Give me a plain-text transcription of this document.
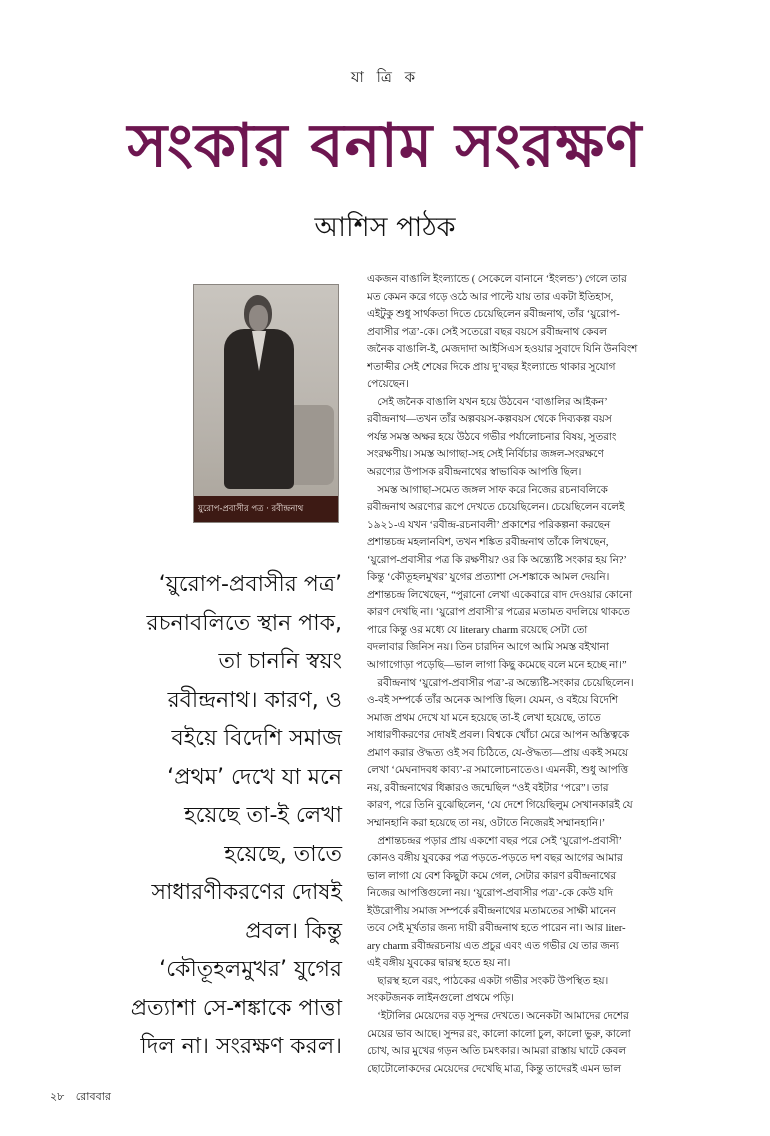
যা ত্রি ক
সংকার বনাম সংরক্ষণ
আশিস পাঠক
য়ুরোপ-প্রবাসীর পত্র · রবীন্দ্রনাথ
‘য়ুরোপ-প্রবাসীর পত্র’
রচনাবলিতে স্থান পাক,
তা চাননি স্বয়ং
রবীন্দ্রনাথ। কারণ, ও
বইয়ে বিদেশি সমাজ
‘প্রথম’ দেখে যা মনে
হয়েছে তা-ই লেখা
হয়েছে, তাতে
সাধারণীকরণের দোষই
প্রবল। কিন্তু
‘কৌতূহলমুখর’ যুগের
প্রত্যাশা সে-শঙ্কাকে পাত্তা
দিল না। সংরক্ষণ করল।
একজন বাঙালি ইংল্যান্ডে ( সেকেলে বানানে ‘ইংলন্ড’) গেলে তার
মত কেমন করে গড়ে ওঠে আর পাল্টে যায় তার একটা ইতিহাস,
এইটুকু শুধু সার্থকতা দিতে চেয়েছিলেন রবীন্দ্রনাথ, তাঁর ‘য়ুরোপ-
প্রবাসীর পত্র’-কে। সেই সতেরো বছর বয়সে রবীন্দ্রনাথ কেবল
জনৈক বাঙালি-ই, মেজদাদা আইসিএস হওয়ার সুবাদে যিনি উনবিংশ
শতাব্দীর সেই শেষের দিকে প্রায় দু’বছর ইংল্যান্ডে থাকার সুযোগ
পেয়েছেন।
সেই জনৈক বাঙালি যখন হয়ে উঠবেন ‘বাঙালির আইকন’
রবীন্দ্রনাথ—তখন তাঁর অল্পবয়স-কল্পবয়স থেকে দিব্যকল্প বয়স
পর্যন্ত সমস্ত অক্ষর হয়ে উঠবে গভীর পর্যালোচনার বিষয়, সুতরাং
সংরক্ষণীয়। সমস্ত আগাছা-সহ সেই নির্বিচার জঙ্গল-সংরক্ষণে
অরণ্যের উপাসক রবীন্দ্রনাথের স্বাভাবিক আপত্তি ছিল।
সমস্ত আগাছা-সমেত জঙ্গল সাফ করে নিজের রচনাবলিকে
রবীন্দ্রনাথ অরণ্যের রূপে দেখতে চেয়েছিলেন। চেয়েছিলেন বলেই
১৯২১-এ যখন ‘রবীন্দ্র-রচনাবলী’ প্রকাশের পরিকল্পনা করছেন
প্রশান্তচন্দ্র মহলানবিশ, তখন শঙ্কিত রবীন্দ্রনাথ তাঁকে লিখছেন,
‘য়ুরোপ-প্রবাসীর পত্র কি রক্ষণীয়? ওর কি অন্ত্যেষ্টি সংকার হয় নি?’
কিন্তু ‘কৌতূহলমুখর’ যুগের প্রত্যাশা সে-শঙ্কাকে আমল দেয়নি।
প্রশান্তচন্দ্র লিখেছেন, “পুরানো লেখা একেবারে বাদ দেওয়ার কোনো
কারণ দেখছি না। ‘য়ুরোপ প্রবাসী’র পত্রের মতামত বদলিয়ে থাকতে
পারে কিন্তু ওর মধ্যে যে literary charm রয়েছে সেটা তো
বদলাবার জিনিস নয়। তিন চারদিন আগে আমি সমস্ত বইখানা
আগাগোড়া পড়েছি—ভাল লাগা কিছু কমেছে বলে মনে হচ্ছে না।”
রবীন্দ্রনাথ ‘য়ুরোপ-প্রবাসীর পত্র’-র অন্ত্যেষ্টি-সংকার চেয়েছিলেন।
ও-বই সম্পর্কে তাঁর অনেক আপত্তি ছিল। যেমন, ও বইয়ে বিদেশি
সমাজ প্রথম দেখে যা মনে হয়েছে তা-ই লেখা হয়েছে, তাতে
সাধারণীকরণের দোষই প্রবল। বিশ্বকে খোঁচা মেরে আপন অস্তিত্বকে
প্রমাণ করার ঔদ্ধত্য ওই সব চিঠিতে, যে-ঔদ্ধত্য—প্রায় একই সময়ে
লেখা ‘মেঘনাদবধ কাব্য’-র সমালোচনাতেও। এমনকী, শুধু আপত্তি
নয়, রবীন্দ্রনাথের ধিক্কারও জন্মেছিল “ওই বইটার ‘পরে”। তার
কারণ, পরে তিনি বুঝেছিলেন, ‘যে দেশে গিয়েছিলুম সেখানকারই যে
সম্মানহানি করা হয়েছে তা নয়, ওটাতে নিজেরই সম্মানহানি।’
প্রশান্তচন্দ্রর পড়ার প্রায় একশো বছর পরে সেই ‘য়ুরোপ-প্রবাসী’
কোনও বঙ্গীয় যুবকের পত্র পড়তে-পড়তে দশ বছর আগের আমার
ভাল লাগা যে বেশ কিছুটা কমে গেল, সেটার কারণ রবীন্দ্রনাথের
নিজের আপত্তিগুলো নয়। ‘য়ুরোপ-প্রবাসীর পত্র’-কে কেউ যদি
ইউরোপীয় সমাজ সম্পর্কে রবীন্দ্রনাথের মতামতের সাক্ষী মানেন
তবে সেই মূর্খতার জন্য দায়ী রবীন্দ্রনাথ হতে পারেন না। আর liter-
ary charm রবীন্দ্ররচনায় এত প্রচুর এবং এত গভীর যে তার জন্য
এই বঙ্গীয় যুবকের দ্বারস্থ হতে হয় না।
ছারস্থ হলে বরং, পাঠকের একটা গভীর সংকট উপস্থিত হয়।
সংকটজনক লাইনগুলো প্রথমে পড়ি।
‘ইটালির মেয়েদের বড় সুন্দর দেখতে। অনেকটা আমাদের দেশের
মেয়ের ভাব আছে। সুন্দর রং, কালো কালো চুল, কালো ভুরু, কালো
চোখ, আর মুখের গড়ন অতি চমৎকার। আমরা রাস্তায় ঘাটে কেবল
ছোটোলোকদের মেয়েদের দেখেছি মাত্র, কিন্তু তাদেরই এমন ভাল
২৮ রোববার
